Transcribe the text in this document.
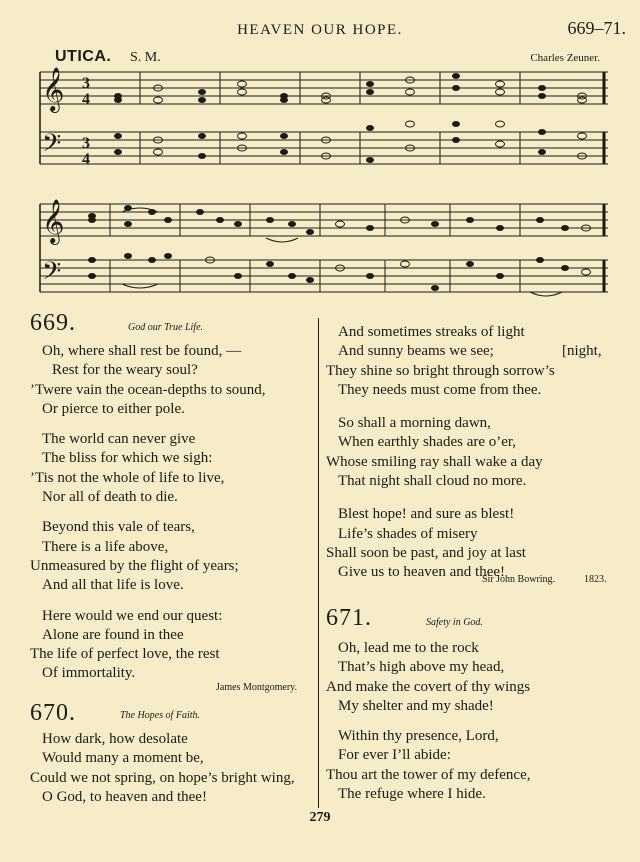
HEAVEN OUR HOPE.	669–71.
UTICA. S. M.	Charles Zeuner.
𝄞
𝄢
3
4
3
4
𝄞
𝄢
669.	God our True Life.
Oh, where shall rest be found, —
Rest for the weary soul?
’Twere vain the ocean-depths to sound,
Or pierce to either pole.
The world can never give
The bliss for which we sigh:
’Tis not the whole of life to live,
Nor all of death to die.
Beyond this vale of tears,
There is a life above,
Unmeasured by the flight of years;
And all that life is love.
Here would we end our quest:
Alone are found in thee
The life of perfect love, the rest
Of immortality.
James Montgomery.
670.	The Hopes of Faith.
How dark, how desolate
Would many a moment be,
Could we not spring, on hope’s bright wing,
O God, to heaven and thee!
And sometimes streaks of light
And sunny beams we see;	[night,
They shine so bright through sorrow’s
They needs must come from thee.
So shall a morning dawn,
When earthly shades are o’er,
Whose smiling ray shall wake a day
That night shall cloud no more.
Blest hope! and sure as blest!
Life’s shades of misery
Shall soon be past, and joy at last
Give us to heaven and thee!
Sir John Bowring.	1823.
671.	Safety in God.
Oh, lead me to the rock
That’s high above my head,
And make the covert of thy wings
My shelter and my shade!
Within thy presence, Lord,
For ever I’ll abide:
Thou art the tower of my defence,
The refuge where I hide.
279
